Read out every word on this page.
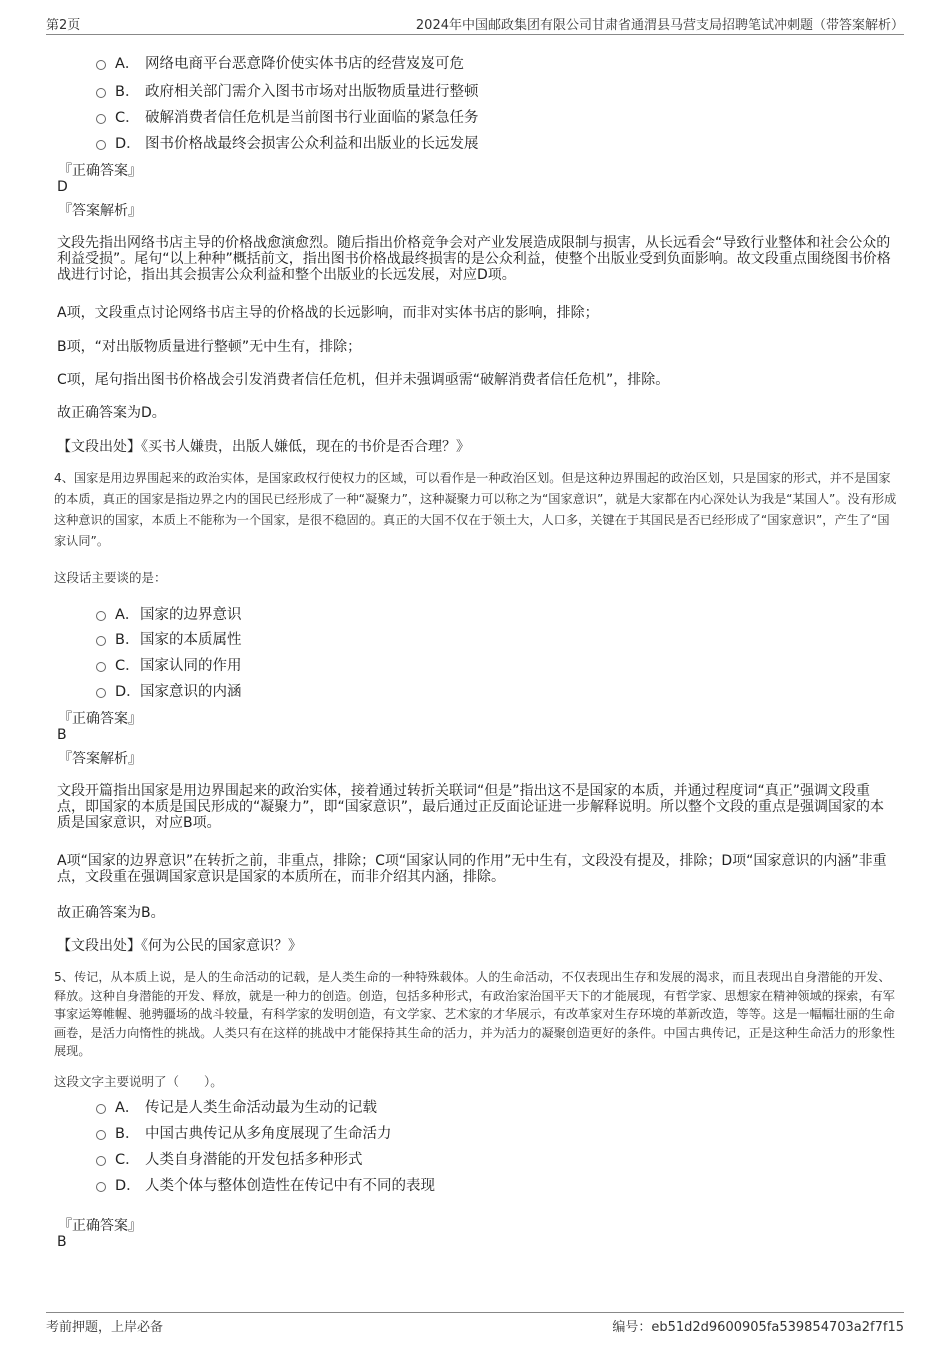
第2页	2024年中国邮政集团有限公司甘肃省通渭县马营支局招聘笔试冲刺题（带答案解析）
A． 网络电商平台恶意降价使实体书店的经营岌岌可危
B． 政府相关部门需介入图书市场对出版物质量进行整顿
C． 破解消费者信任危机是当前图书行业面临的紧急任务
D． 图书价格战最终会损害公众利益和出版业的长远发展
『正确答案』
D
『答案解析』
文段先指出网络书店主导的价格战愈演愈烈。随后指出价格竞争会对产业发展造成限制与损害，从长远看会“导致行业整体和社会公众的利益受损”。尾句“以上种种”概括前文，指出图书价格战最终损害的是公众利益，使整个出版业受到负面影响。故文段重点围绕图书价格战进行讨论，指出其会损害公众利益和整个出版业的长远发展，对应D项。
A项，文段重点讨论网络书店主导的价格战的长远影响，而非对实体书店的影响，排除；
B项，“对出版物质量进行整顿”无中生有，排除；
C项，尾句指出图书价格战会引发消费者信任危机，但并未强调亟需“破解消费者信任危机”，排除。
故正确答案为D。
【文段出处】《买书人嫌贵，出版人嫌低，现在的书价是否合理？》
4、国家是用边界围起来的政治实体，是国家政权行使权力的区域，可以看作是一种政治区划。但是这种边界围起的政治区划，只是国家的形式，并不是国家的本质，真正的国家是指边界之内的国民已经形成了一种“凝聚力”，这种凝聚力可以称之为“国家意识”，就是大家都在内心深处认为我是“某国人”。没有形成这种意识的国家，本质上不能称为一个国家，是很不稳固的。真正的大国不仅在于领土大，人口多，关键在于其国民是否已经形成了“国家意识”，产生了“国家认同”。
这段话主要谈的是：
A．国家的边界意识
B．国家的本质属性
C．国家认同的作用
D．国家意识的内涵
『正确答案』
B
『答案解析』
文段开篇指出国家是用边界围起来的政治实体，接着通过转折关联词“但是”指出这不是国家的本质，并通过程度词“真正”强调文段重点，即国家的本质是国民形成的“凝聚力”，即“国家意识”，最后通过正反面论证进一步解释说明。所以整个文段的重点是强调国家的本质是国家意识，对应B项。
A项“国家的边界意识”在转折之前，非重点，排除；C项“国家认同的作用”无中生有，文段没有提及，排除；D项“国家意识的内涵”非重点，文段重在强调国家意识是国家的本质所在，而非介绍其内涵，排除。
故正确答案为B。
【文段出处】《何为公民的国家意识？》
5、传记，从本质上说，是人的生命活动的记载，是人类生命的一种特殊载体。人的生命活动，不仅表现出生存和发展的渴求，而且表现出自身潜能的开发、释放。这种自身潜能的开发、释放，就是一种力的创造。创造，包括多种形式，有政治家治国平天下的才能展现，有哲学家、思想家在精神领域的探索，有军事家运筹帷幄、驰骋疆场的战斗较量，有科学家的发明创造，有文学家、艺术家的才华展示，有改革家对生存环境的革新改造，等等。这是一幅幅壮丽的生命画卷，是活力向惰性的挑战。人类只有在这样的挑战中才能保持其生命的活力，并为活力的凝聚创造更好的条件。中国古典传记，正是这种生命活力的形象性展现。
这段文字主要说明了（　　）。
A． 传记是人类生命活动最为生动的记载
B． 中国古典传记从多角度展现了生命活力
C． 人类自身潜能的开发包括多种形式
D． 人类个体与整体创造性在传记中有不同的表现
『正确答案』
B
考前押题，上岸必备	编号：eb51d2d9600905fa539854703a2f7f15
